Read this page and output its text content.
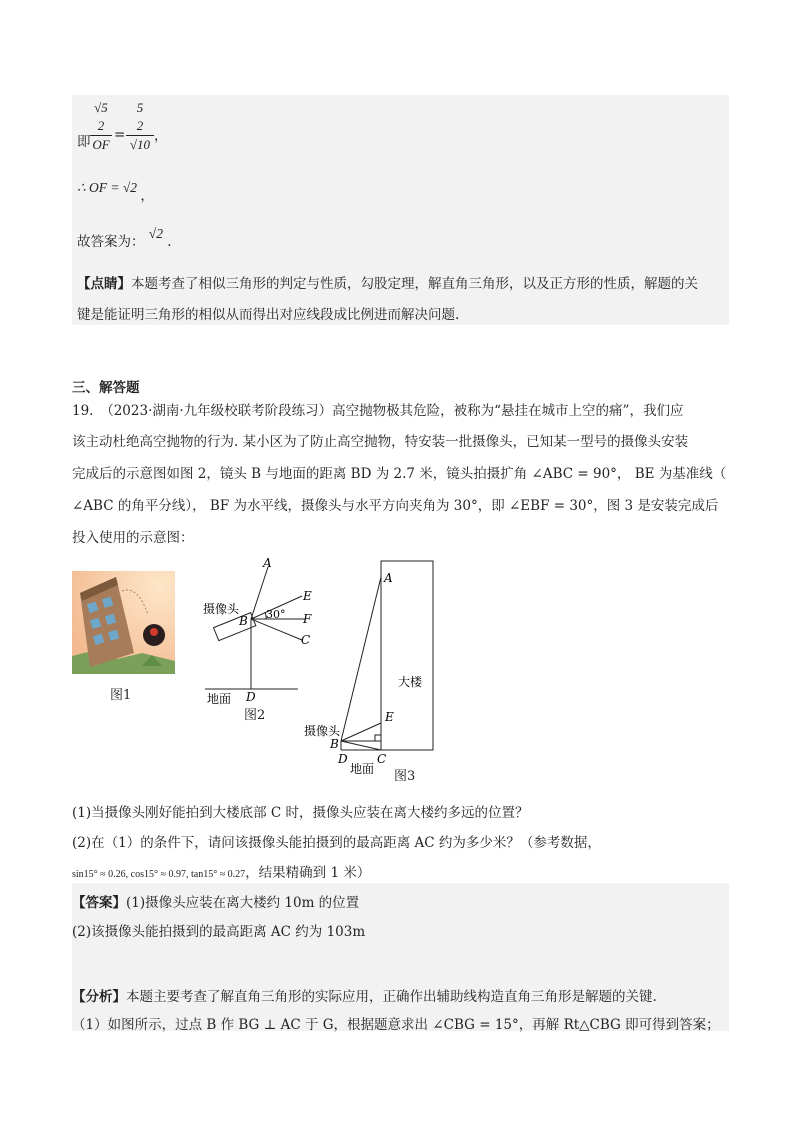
即
√5
2
OF
=
5
2
√10
，
∴ OF = √2 ，
故答案为： √2 .
【点睛】本题考查了相似三角形的判定与性质，勾股定理，解直角三角形，以及正方形的性质，解题的关
键是能证明三角形的相似从而得出对应线段成比例进而解决问题.
三、解答题
19.　（2023·湖南·九年级校联考阶段练习）高空抛物极其危险，被称为“悬挂在城市上空的痛”，我们应
该主动杜绝高空抛物的行为. 某小区为了防止高空抛物，特安装一批摄像头，已知某一型号的摄像头安装
完成后的示意图如图 2，镜头 B 与地面的距离 BD 为 2.7 米，镜头拍摄扩角 ∠ABC = 90°， BE 为基准线（
∠ABC 的角平分线）， BF 为水平线，摄像头与水平方向夹角为 30°，即 ∠EBF = 30°，图 3 是安装完成后
投入使用的示意图：
图1
A
E
F
C
B 30°
摄像头
地面 D
图2
A
大楼
E
摄像头
B
D C
地面 图3
(1)当摄像头刚好能拍到大楼底部 C 时，摄像头应装在离大楼约多远的位置？
(2)在（1）的条件下，请问该摄像头能拍摄到的最高距离 AC 约为多少米？（参考数据，
sin15° ≈ 0.26, cos15° ≈ 0.97, tan15° ≈ 0.27，结果精确到 1 米）
【答案】(1)摄像头应装在离大楼约 10m 的位置
(2)该摄像头能拍摄到的最高距离 AC 约为 103m
【分析】本题主要考查了解直角三角形的实际应用，正确作出辅助线构造直角三角形是解题的关键.
（1）如图所示，过点 B 作 BG ⊥ AC 于 G，根据题意求出 ∠CBG = 15°，再解 Rt△CBG 即可得到答案；
